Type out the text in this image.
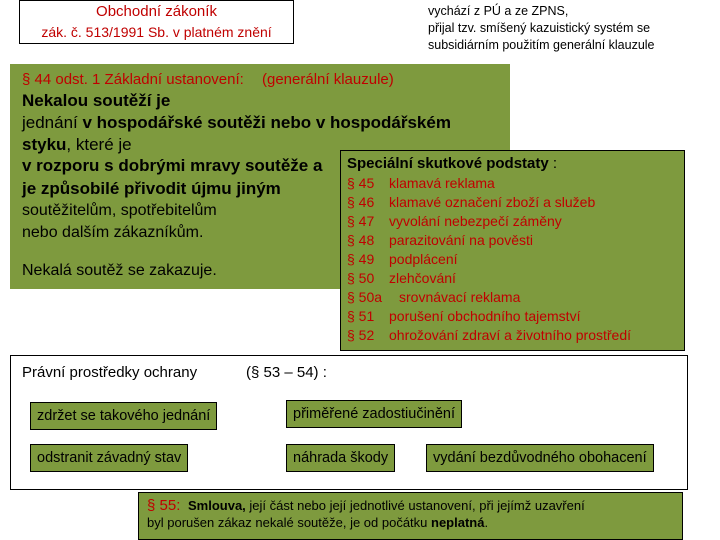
Obchodní zákoník
zák. č. 513/1991 Sb. v platném znění
vychází z PÚ a ze ZPNS,
přijal tzv. smíšený kazuistický systém se
subsidiárním použitím generální klauzule
§ 44 odst. 1 Základní ustanovení: (generální klauzule)
Nekalou soutěží je
jednání v hospodářské soutěži nebo v hospodářském
styku, které je
v rozporu s dobrými mravy soutěže a
je způsobilé přivodit újmu jiným
soutěžitelům, spotřebitelům
nebo dalším zákazníkům.
Nekalá soutěž se zakazuje.
Speciální skutkové podstaty :
§ 45 klamavá reklama
§ 46 klamavé označení zboží a služeb
§ 47 vyvolání nebezpečí záměny
§ 48 parazitování na pověsti
§ 49 podplácení
§ 50 zlehčování
§ 50a srovnávací reklama
§ 51 porušení obchodního tajemství
§ 52 ohrožování zdraví a životního prostředí
Právní prostředky ochrany	(§ 53 – 54) :
zdržet se takového jednání	přiměřené zadostiučinění
odstranit závadný stav	náhrada škody	vydání bezdůvodného obohacení
§ 55: Smlouva, její část nebo její jednotlivé ustanovení, při jejímž uzavření
byl porušen zákaz nekalé soutěže, je od počátku neplatná.
